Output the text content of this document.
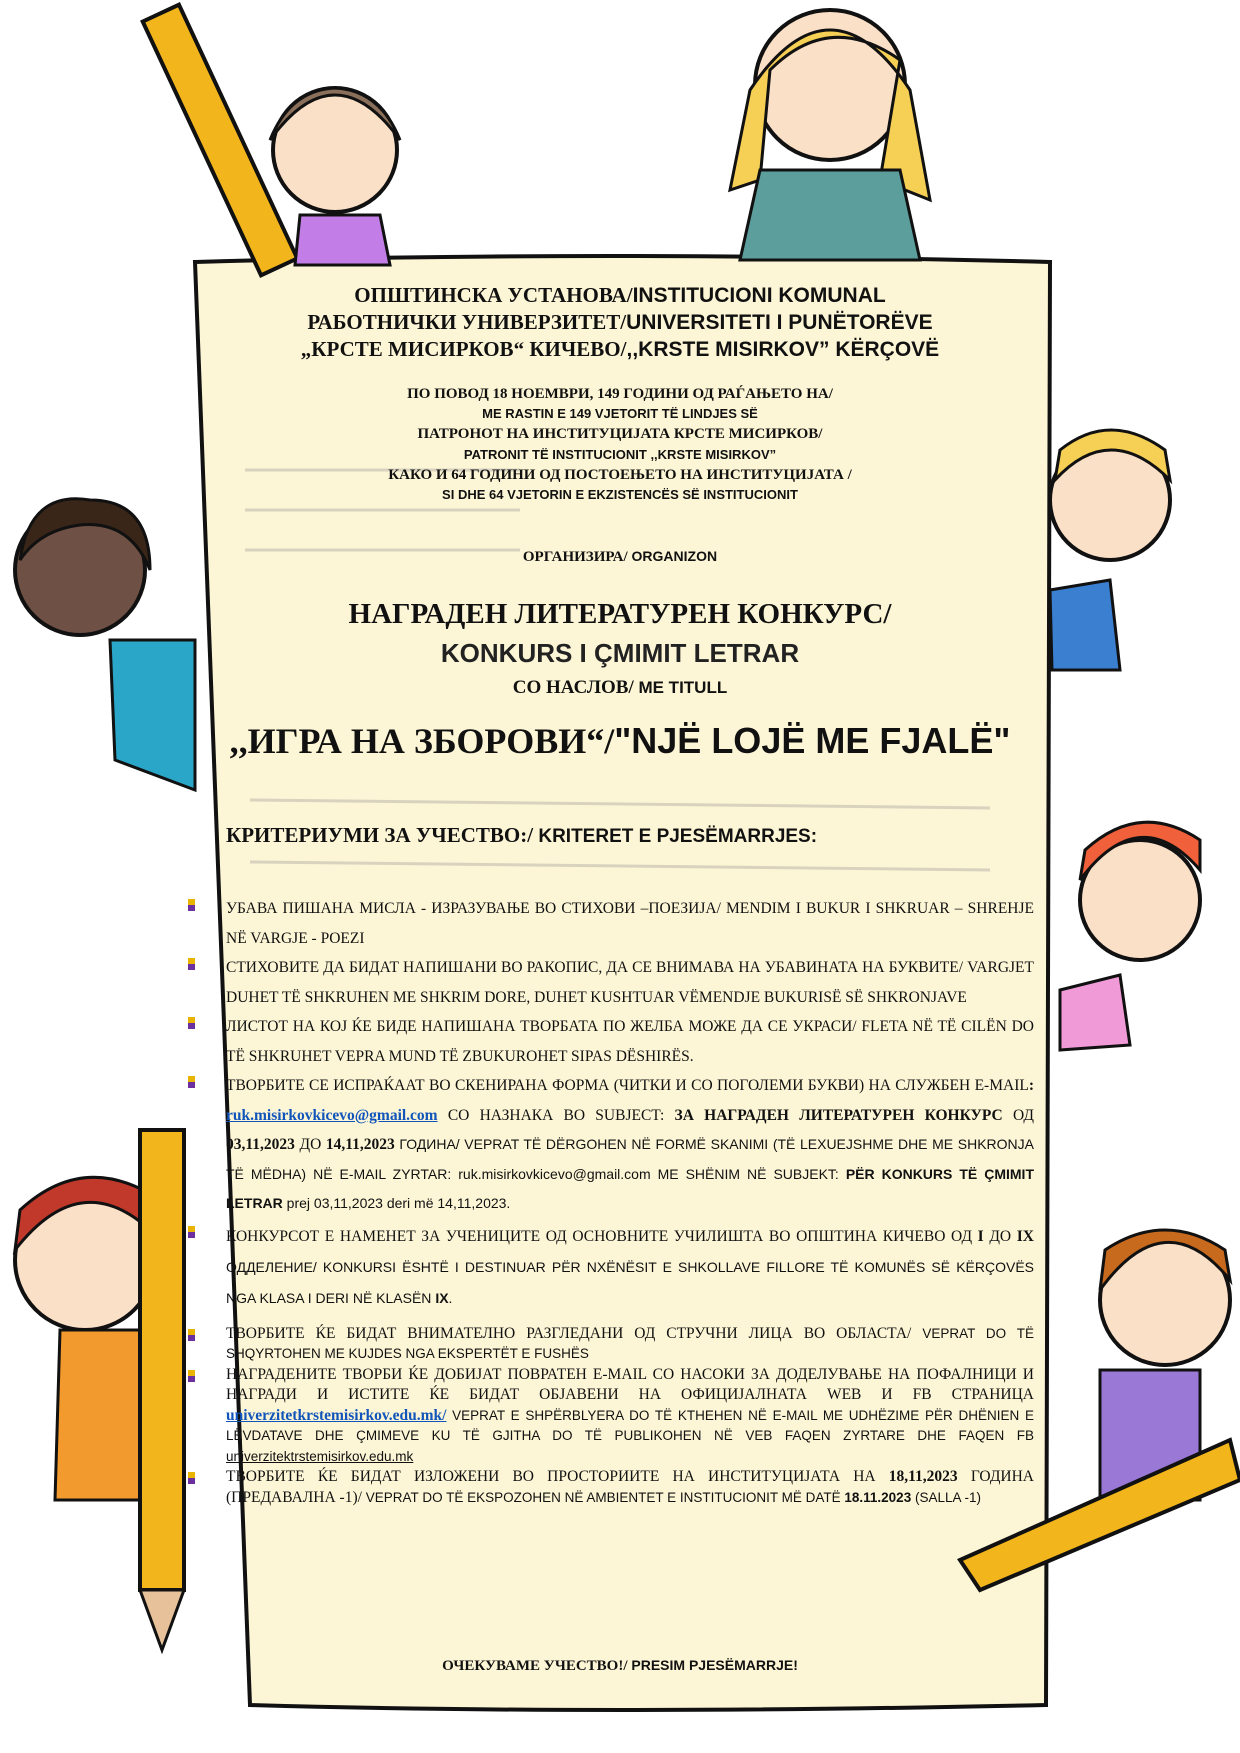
ОПШТИНСКА УСТАНОВА/INSTITUCIONI KOMUNAL
РАБОТНИЧКИ УНИВЕРЗИТЕТ/UNIVERSITETI I PUNËTORËVE
„КРСТЕ МИСИРКОВ“ КИЧЕВО/,,KRSTE MISIRKOV” KËRÇOVË
ПО ПОВОД 18 НОЕМВРИ, 149 ГОДИНИ ОД РАЃАЊЕТО НА/
ME RASTIN E 149 VJETORIT TË LINDJES SË
ПАТРОНОТ НА ИНСТИТУЦИЈАТА КРСТЕ МИСИРКОВ/
PATRONIT TË INSTITUCIONIT ,,KRSTE MISIRKOV”
КАКО И 64 ГОДИНИ ОД ПОСТОЕЊЕТО НА ИНСТИТУЦИЈАТА /
SI DHE 64 VJETORIN E EKZISTENCËS SË INSTITUCIONIT
ОРГАНИЗИРА/ ORGANIZON
НАГРАДЕН ЛИТЕРАТУРЕН КОНКУРС/
KONKURS I ÇMIMIT LETRAR
СО НАСЛОВ/ ME TITULL
,,ИГРА НА ЗБОРОВИ“/"NJË LOJË ME FJALË"
КРИТЕРИУМИ ЗА УЧЕСТВО:/ KRITERET E PJESËMARRJES:
УБАВА ПИШАНА МИСЛА - ИЗРАЗУВАЊЕ ВО СТИХОВИ –ПОЕЗИЈА/ MENDIM I BUKUR I SHKRUAR – SHREHJE NË VARGJE - POEZI
СТИХОВИТЕ ДА БИДАТ НАПИШАНИ ВО РАКОПИС, ДА СЕ ВНИМАВА НА УБАВИНАТА НА БУКВИТЕ/ VARGJET DUHET TË SHKRUHEN ME SHKRIM DORE, DUHET KUSHTUAR VËMENDJE BUKURISË SË SHKRONJAVE
ЛИСТОТ НА КОЈ ЌЕ БИДЕ НАПИШАНА ТВОРБАТА ПО ЖЕЛБА МОЖЕ ДА СЕ УКРАСИ/ FLETA NË TË CILËN DO TË SHKRUHET VEPRA MUND TË ZBUKUROHET SIPAS DËSHIRËS.
ТВОРБИТЕ СЕ ИСПРАЌААТ ВО СКЕНИРАНА ФОРМА (ЧИТКИ И СО ПОГОЛЕМИ БУКВИ) НА СЛУЖБЕН E-MAIL: ruk.misirkovkicevo@gmail.com СО НАЗНАКА ВО SUBJECT: ЗА НАГРАДЕН ЛИТЕРАТУРЕН КОНКУРС ОД 03,11,2023 ДО 14,11,2023 ГОДИНА/ VEPRAT TË DËRGOHEN NË FORMË SKANIMI (TË LEXUEJSHME DHE ME SHKRONJA TË MËDHA) NË E-MAIL ZYRTAR: ruk.misirkovkicevo@gmail.com ME SHËNIM NË SUBJEKT: PËR KONKURS TË ÇMIMIT LETRAR prej 03,11,2023 deri më 14,11,2023.
КОНКУРСОТ Е НАМЕНЕТ ЗА УЧЕНИЦИТЕ ОД ОСНОВНИТЕ УЧИЛИШТА ВО ОПШТИНА КИЧЕВО ОД I ДО IX ОДДЕЛЕНИЕ/ KONKURSI ËSHTË I DESTINUAR PËR NXËNËSIT E SHKOLLAVE FILLORE TË KOMUNËS SË KËRÇOVËS NGA KLASA I DERI NË KLASËN IX.
ТВОРБИТЕ ЌЕ БИДАТ ВНИМАТЕЛНО РАЗГЛЕДАНИ ОД СТРУЧНИ ЛИЦА ВО ОБЛАСТА/ VEPRAT DO TË SHQYRTOHEN ME KUJDES NGA EKSPERTËT E FUSHËS
НАГРАДЕНИТЕ ТВОРБИ ЌЕ ДОБИЈАТ ПОВРАТЕН E-MAIL СО НАСОКИ ЗА ДОДЕЛУВАЊЕ НА ПОФАЛНИЦИ И НАГРАДИ И ИСТИТЕ ЌЕ БИДАТ ОБЈАВЕНИ НА ОФИЦИЈАЛНАТА WEB И FB СТРАНИЦА univerzitetkrstemisirkov.edu.mk/ VEPRAT E SHPËRBLYERA DO TË KTHEHEN NË E-MAIL ME UDHËZIME PËR DHËNIEN E LËVDATAVE DHE ÇMIMEVE KU TË GJITHA DO TË PUBLIKOHEN NË VEB FAQEN ZYRTARE DHE FAQEN FB univerzitektrstemisirkov.edu.mk
ТВОРБИТЕ ЌЕ БИДАТ ИЗЛОЖЕНИ ВО ПРОСТОРИИТЕ НА ИНСТИТУЦИЈАТА НА 18,11,2023 ГОДИНА (ПРЕДАВАЛНА -1)/ VEPRAT DO TË EKSPOZOHEN NË AMBIENTET E INSTITUCIONIT MË DATË 18.11.2023 (SALLA -1)
ОЧЕКУВАМЕ УЧЕСТВО!/ PRESIM PJESËMARRJE!
